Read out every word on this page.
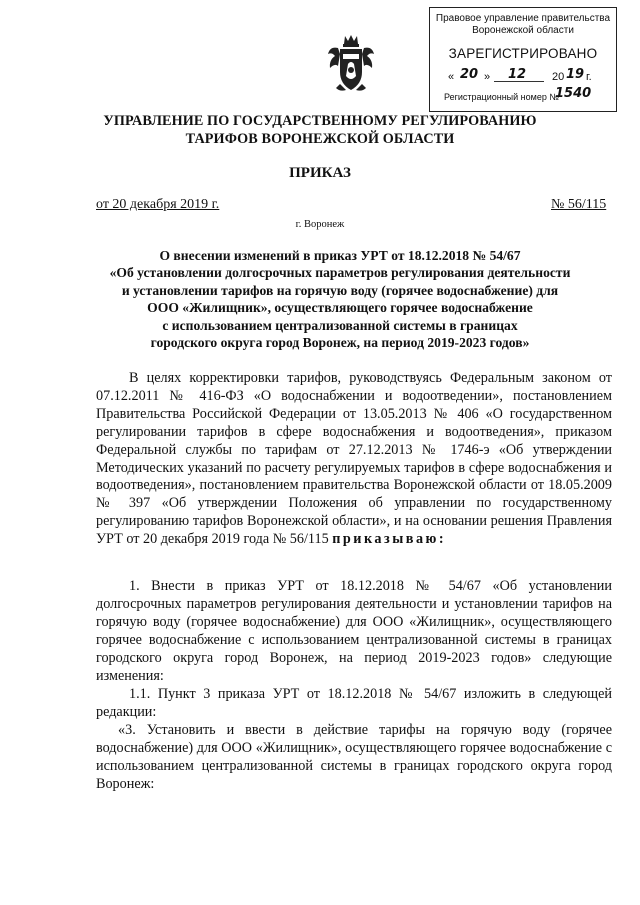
Правовое управление правительства
Воронежской области
ЗАРЕГИСТРИРОВАНО
« 20 » 12 20 19 г.
Регистрационный номер №
1540
УПРАВЛЕНИЕ ПО ГОСУДАРСТВЕННОМУ РЕГУЛИРОВАНИЮ
ТАРИФОВ ВОРОНЕЖСКОЙ ОБЛАСТИ
ПРИКАЗ
от 20 декабря 2019 г.	№ 56/115
г. Воронеж
О внесении изменений в приказ УРТ от 18.12.2018 № 54/67
«Об установлении долгосрочных параметров регулирования деятельности
и установлении тарифов на горячую воду (горячее водоснабжение) для
ООО «Жилищник», осуществляющего горячее водоснабжение
с использованием централизованной системы в границах
городского округа город Воронеж, на период 2019-2023 годов»
В целях корректировки тарифов, руководствуясь Федеральным законом от 07.12.2011 № 416-ФЗ «О водоснабжении и водоотведении», постановлением Правительства Российской Федерации от 13.05.2013 № 406 «О государственном регулировании тарифов в сфере водоснабжения и водоотведения», приказом Федеральной службы по тарифам от 27.12.2013 № 1746-э «Об утверждении Методических указаний по расчету регулируемых тарифов в сфере водоснабжения и водоотведения», постановлением правительства Воронежской области от 18.05.2009 № 397 «Об утверждении Положения об управлении по государственному регулированию тарифов Воронежской области», и на основании решения Правления УРТ от 20 декабря 2019 года № 56/115 приказываю:
1. Внести в приказ УРТ от 18.12.2018 № 54/67 «Об установлении долгосрочных параметров регулирования деятельности и установлении тарифов на горячую воду (горячее водоснабжение) для ООО «Жилищник», осуществляющего горячее водоснабжение с использованием централизованной системы в границах городского округа город Воронеж, на период 2019-2023 годов» следующие изменения:
1.1. Пункт 3 приказа УРТ от 18.12.2018 № 54/67 изложить в следующей редакции:
«3. Установить и ввести в действие тарифы на горячую воду (горячее водоснабжение) для ООО «Жилищник», осуществляющего горячее водоснабжение с использованием централизованной системы в границах городского округа город Воронеж:
